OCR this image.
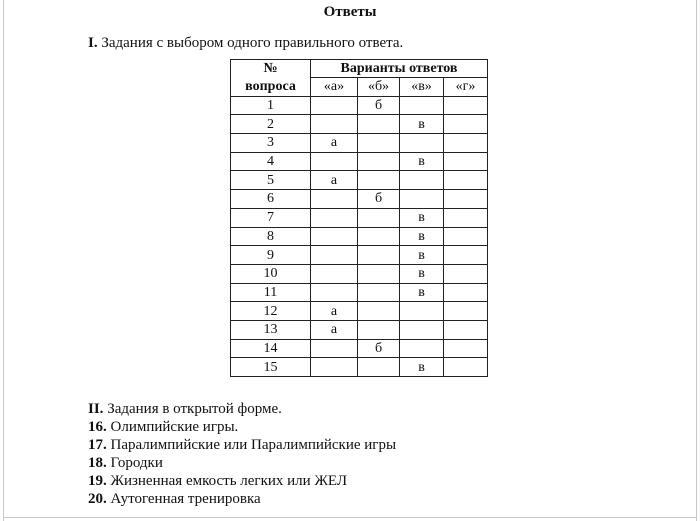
Ответы
I. Задания с выбором одного правильного ответа.
№	Варианты ответов			
вопроса	«а»	«б»	«в»	«г»
1		б		
2			в	
3	а			
4			в	
5	а			
6		б		
7			в	
8			в	
9			в	
10			в	
11			в	
12	а			
13	а			
14		б		
15			в	
II. Задания в открытой форме.
16. Олимпийские игры.
17. Паралимпийские или Паралимпийские игры
18. Городки
19. Жизненная емкость легких или ЖЕЛ
20. Аутогенная тренировка
